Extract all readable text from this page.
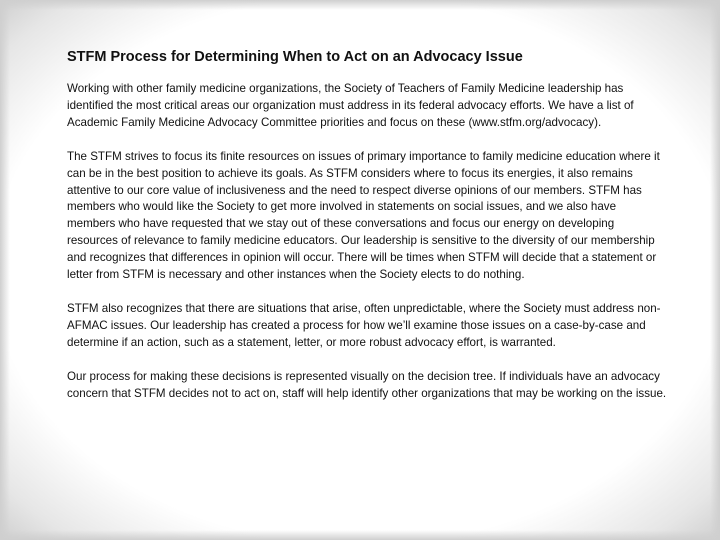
STFM Process for Determining When to Act on an Advocacy Issue

Working with other family medicine organizations, the Society of Teachers of Family Medicine leadership has identified the most critical areas our organization must address in its federal advocacy efforts. We have a list of Academic Family Medicine Advocacy Committee priorities and focus on these (www.stfm.org/advocacy).

The STFM strives to focus its finite resources on issues of primary importance to family medicine education where it can be in the best position to achieve its goals. As STFM considers where to focus its energies, it also remains attentive to our core value of inclusiveness and the need to respect diverse opinions of our members. STFM has members who would like the Society to get more involved in statements on social issues, and we also have members who have requested that we stay out of these conversations and focus our energy on developing resources of relevance to family medicine educators. Our leadership is sensitive to the diversity of our membership and recognizes that differences in opinion will occur. There will be times when STFM will decide that a statement or letter from STFM is necessary and other instances when the Society elects to do nothing.

STFM also recognizes that there are situations that arise, often unpredictable, where the Society must address non-AFMAC issues. Our leadership has created a process for how we’ll examine those issues on a case-by-case and determine if an action, such as a statement, letter, or more robust advocacy effort, is warranted.

Our process for making these decisions is represented visually on the decision tree. If individuals have an advocacy concern that STFM decides not to act on, staff will help identify other organizations that may be working on the issue.
